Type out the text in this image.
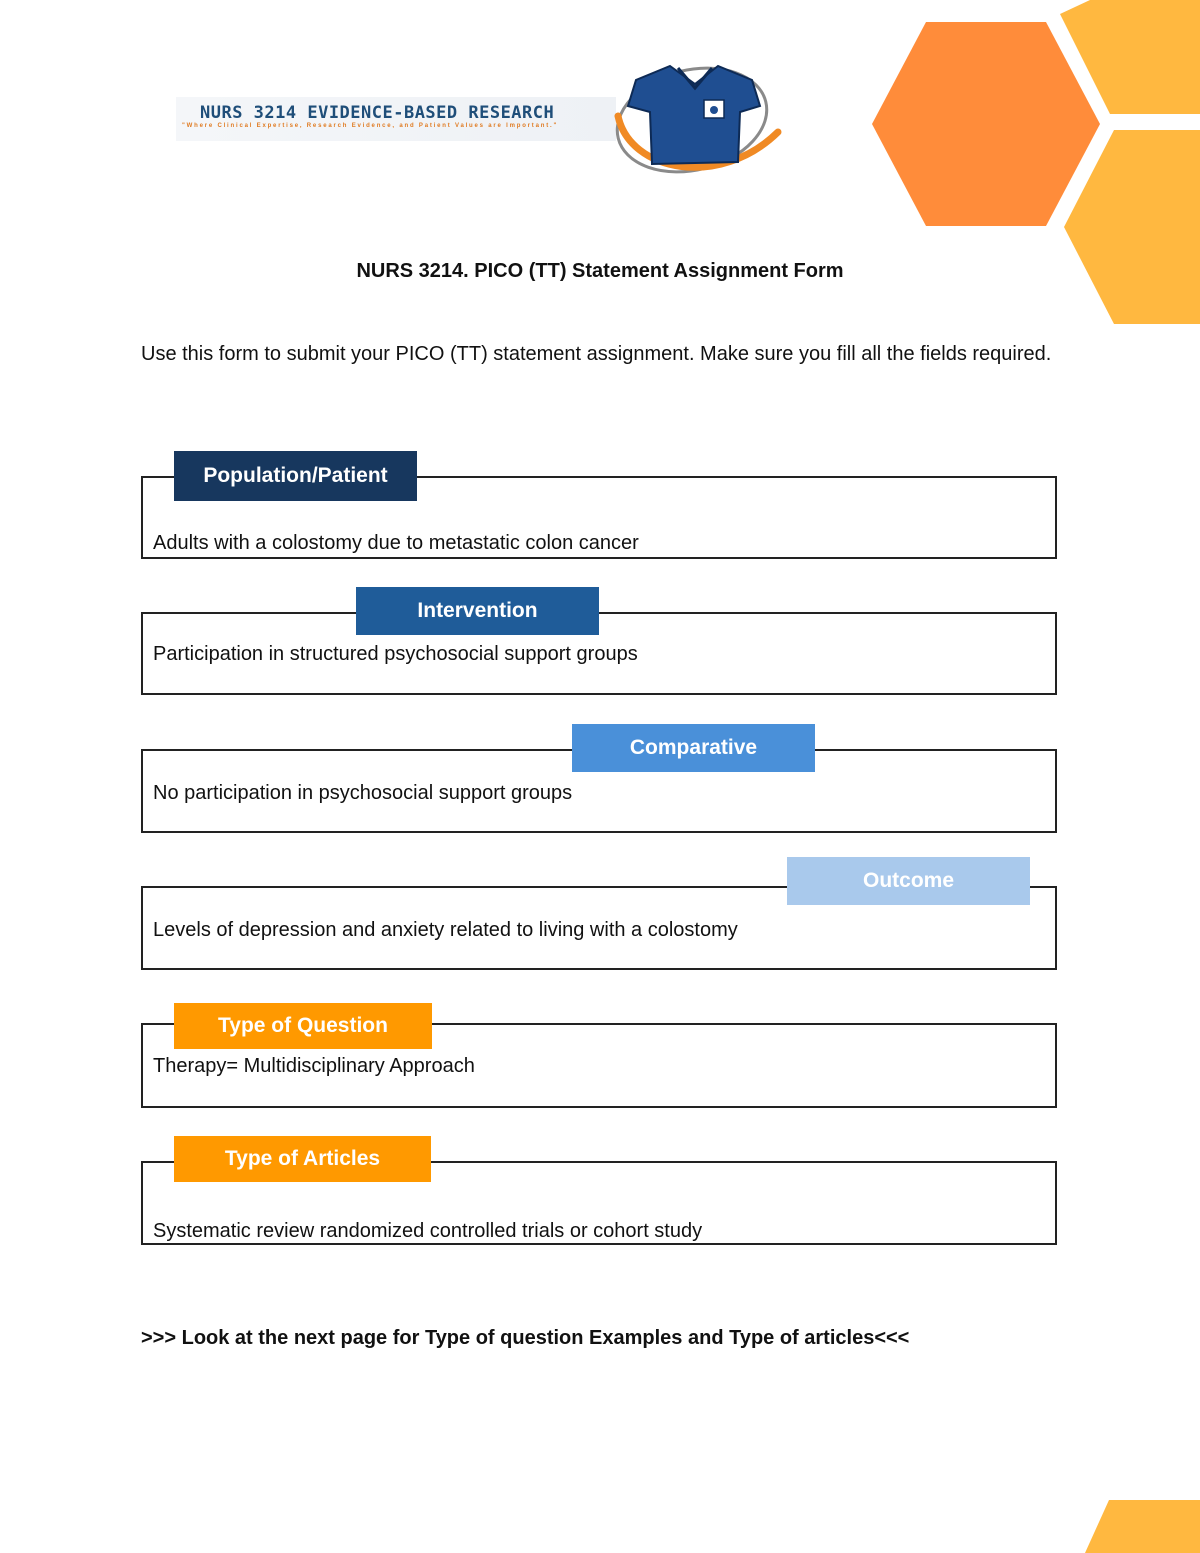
NURS 3214 EVIDENCE-BASED RESEARCH
"Where Clinical Expertise, Research Evidence, and Patient Values are Important."
NURS 3214. PICO (TT) Statement Assignment Form
Use this form to submit your PICO (TT) statement assignment. Make sure you fill all the fields required.
Adults with a colostomy due to metastatic colon cancer
Population/Patient
Participation in structured psychosocial support groups
Intervention
No participation in psychosocial support groups
Comparative
Levels of depression and anxiety related to living with a colostomy
Outcome
Therapy= Multidisciplinary Approach
Type of Question
Systematic review randomized controlled trials or cohort study
Type of Articles
>>> Look at the next page for Type of question Examples and Type of articles<<<
